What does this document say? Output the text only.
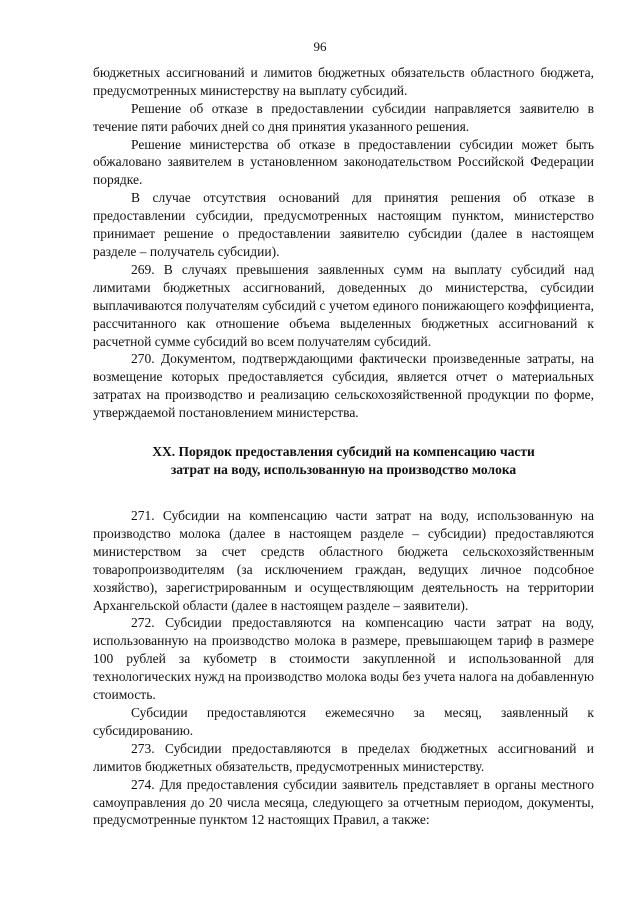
96

бюджетных ассигнований и лимитов бюджетных обязательств областного бюджета, предусмотренных министерству на выплату субсидий.

Решение об отказе в предоставлении субсидии направляется заявителю в течение пяти рабочих дней со дня принятия указанного решения.

Решение министерства об отказе в предоставлении субсидии может быть обжаловано заявителем в установленном законодательством Российской Федерации порядке.

В случае отсутствия оснований для принятия решения об отказе в предоставлении субсидии, предусмотренных настоящим пунктом, министерство принимает решение о предоставлении заявителю субсидии (далее в настоящем разделе – получатель субсидии).

269. В случаях превышения заявленных сумм на выплату субсидий над лимитами бюджетных ассигнований, доведенных до министерства, субсидии выплачиваются получателям субсидий с учетом единого понижающего коэффициента, рассчитанного как отношение объема выделенных бюджетных ассигнований к расчетной сумме субсидий во всем получателям субсидий.

270. Документом, подтверждающими фактически произведенные затраты, на возмещение которых предоставляется субсидия, является отчет о материальных затратах на производство и реализацию сельскохозяйственной продукции по форме, утверждаемой постановлением министерства.

XX. Порядок предоставления субсидий на компенсацию части
затрат на воду, использованную на производство молока

271. Субсидии на компенсацию части затрат на воду, использованную на производство молока (далее в настоящем разделе – субсидии) предоставляются министерством за счет средств областного бюджета сельскохозяйственным товаропроизводителям (за исключением граждан, ведущих личное подсобное хозяйство), зарегистрированным и осуществляющим деятельность на территории Архангельской области (далее в настоящем разделе – заявители).

272. Субсидии предоставляются на компенсацию части затрат на воду, использованную на производство молока в размере, превышающем тариф в размере 100 рублей за кубометр в стоимости закупленной и использованной для технологических нужд на производство молока воды без учета налога на добавленную стоимость.

Субсидии предоставляются ежемесячно за месяц, заявленный к субсидированию.

273. Субсидии предоставляются в пределах бюджетных ассигнований и лимитов бюджетных обязательств, предусмотренных министерству.

274. Для предоставления субсидии заявитель представляет в органы местного самоуправления до 20 числа месяца, следующего за отчетным периодом, документы, предусмотренные пунктом 12 настоящих Правил, а также:
